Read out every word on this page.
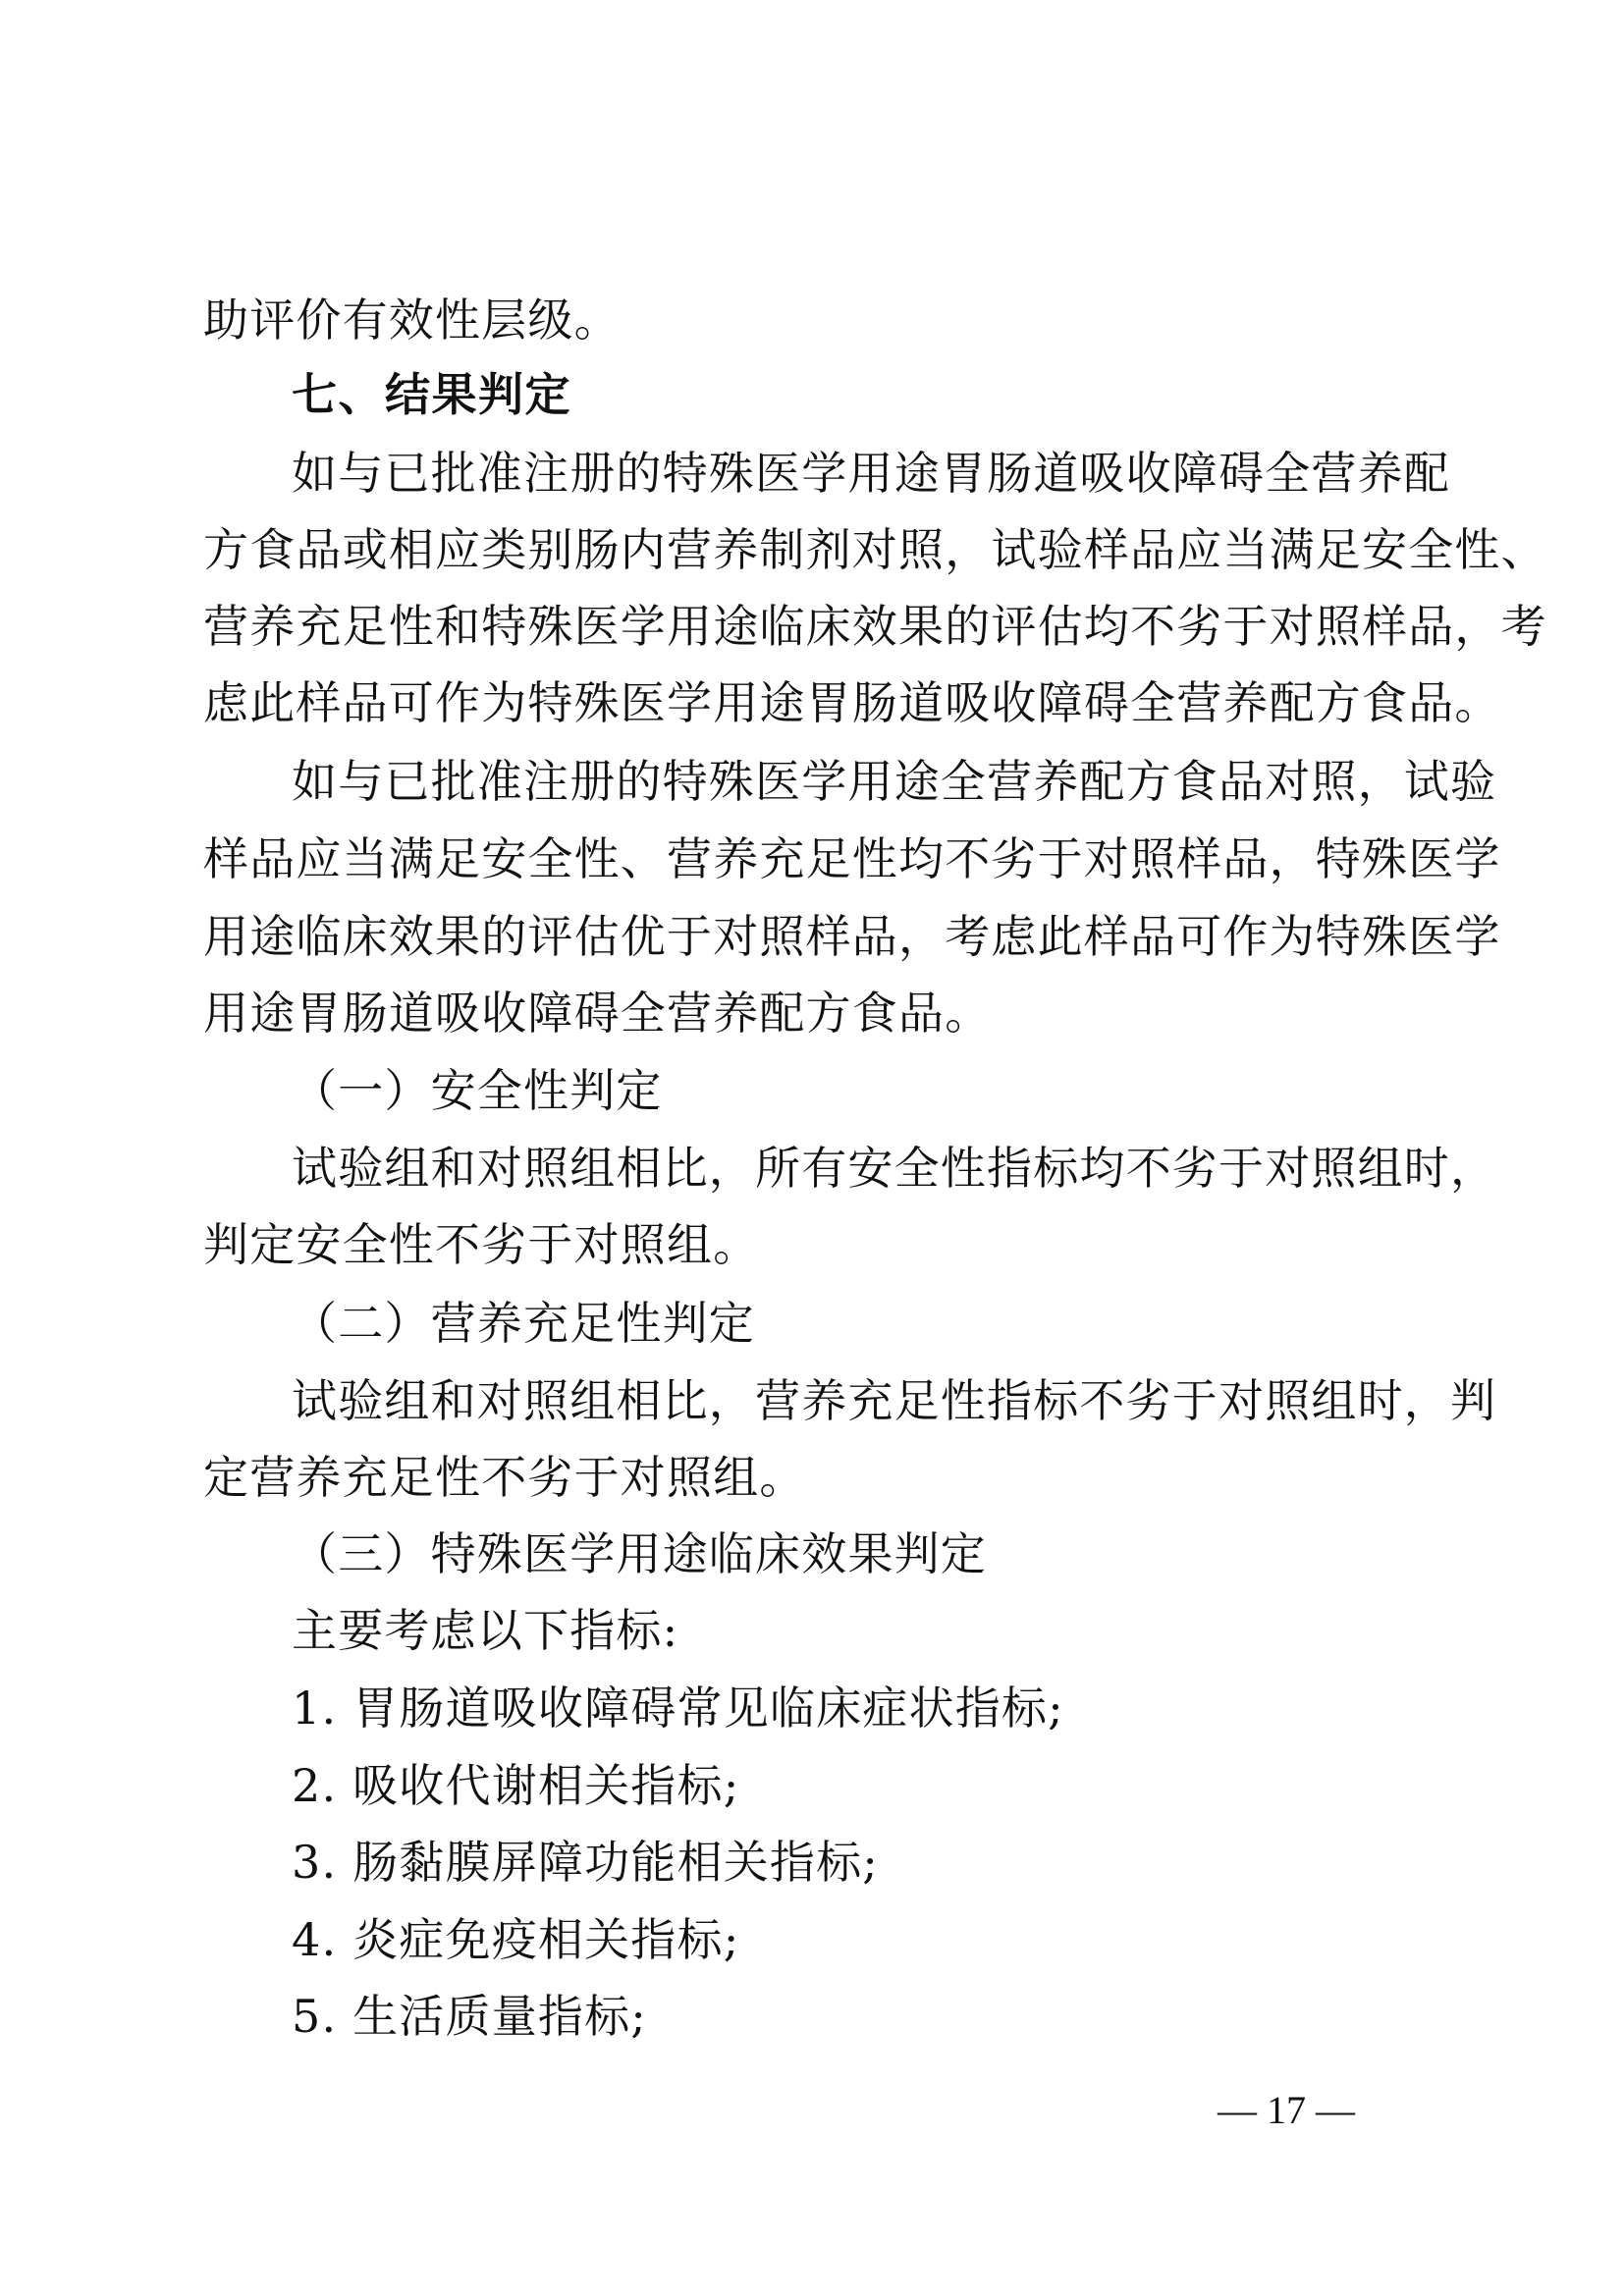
助评价有效性层级。
七、结果判定
如与已批准注册的特殊医学用途胃肠道吸收障碍全营养配
方食品或相应类别肠内营养制剂对照，试验样品应当满足安全性、
营养充足性和特殊医学用途临床效果的评估均不劣于对照样品，考
虑此样品可作为特殊医学用途胃肠道吸收障碍全营养配方食品。
如与已批准注册的特殊医学用途全营养配方食品对照，试验
样品应当满足安全性、营养充足性均不劣于对照样品，特殊医学
用途临床效果的评估优于对照样品，考虑此样品可作为特殊医学
用途胃肠道吸收障碍全营养配方食品。
（一）安全性判定
试验组和对照组相比，所有安全性指标均不劣于对照组时，
判定安全性不劣于对照组。
（二）营养充足性判定
试验组和对照组相比，营养充足性指标不劣于对照组时，判
定营养充足性不劣于对照组。
（三）特殊医学用途临床效果判定
主要考虑以下指标:
1. 胃肠道吸收障碍常见临床症状指标;
2. 吸收代谢相关指标;
3. 肠黏膜屏障功能相关指标;
4. 炎症免疫相关指标;
5. 生活质量指标;
— 17 —
